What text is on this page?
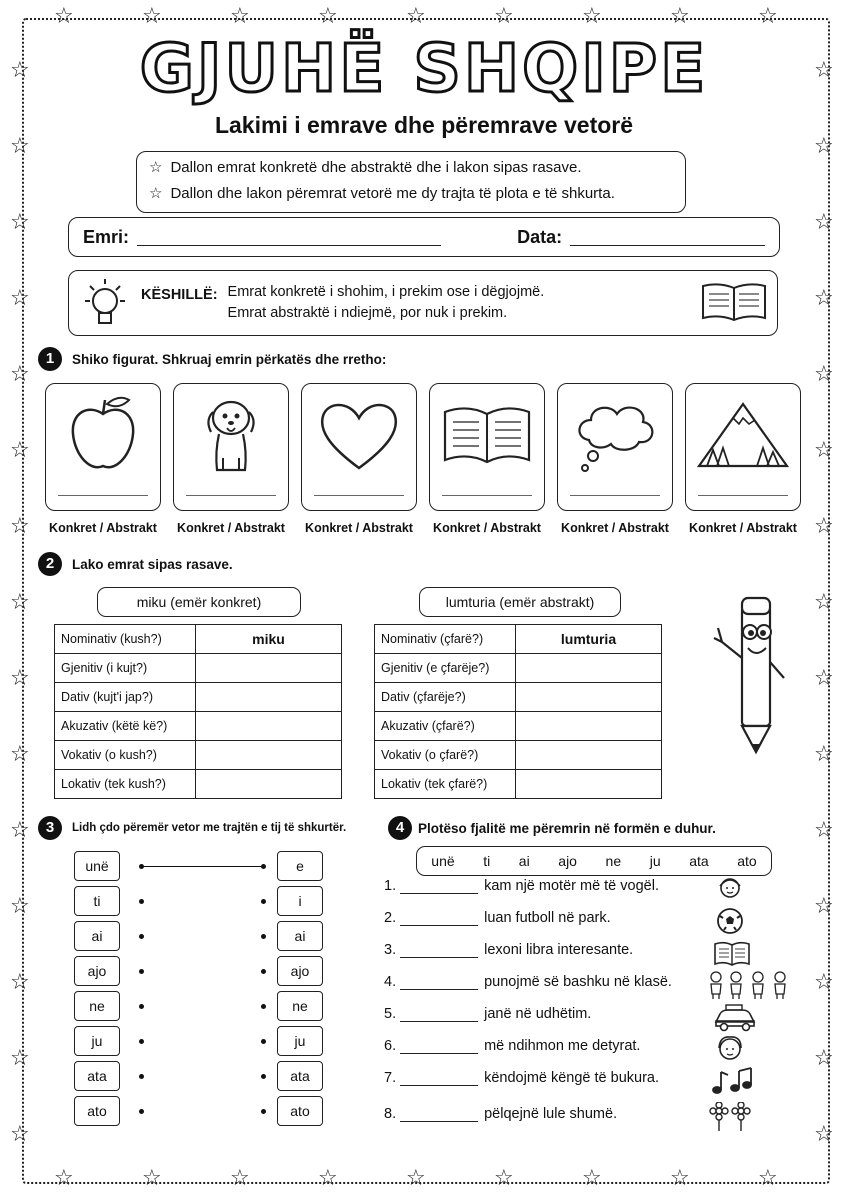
☆
☆
☆
☆
☆
☆
☆
☆
☆
☆
☆
☆
☆
☆
☆
☆
☆
☆
☆	☆
☆	☆
☆	☆
☆	☆
☆	☆
☆	☆
☆	☆
☆	☆
☆	☆
☆	☆
☆	☆
☆	☆
☆	☆
☆	☆
☆	☆
GJUHË SHQIPE
Lakimi i emrave dhe përemrave vetorë
☆ Dallon emrat konkretë dhe abstraktë dhe i lakon sipas rasave.
☆ Dallon dhe lakon përemrat vetorë me dy trajta të plota e të shkurta.
Emri:	Data:
KËSHILLË: Emrat konkretë i shohim, i prekim ose i dëgjojmë.
Emrat abstraktë i ndiejmë, por nuk i prekim.
1	Shiko figurat. Shkruaj emrin përkatës dhe rretho:
Konkret / Abstrakt	Konkret / Abstrakt	Konkret / Abstrakt	Konkret / Abstrakt	Konkret / Abstrakt	Konkret / Abstrakt
2	Lako emrat sipas rasave.
miku (emër konkret)	lumturia (emër abstrakt)
Nominativ (kush?)	miku
Gjenitiv (i kujt?)	
Dativ (kujt'i jap?)	
Akuzativ (këtë kë?)	
Vokativ (o kush?)	
Lokativ (tek kush?)	
Nominativ (çfarë?)	lumturia
Gjenitiv (e çfarëje?)	
Dativ (çfarëje?)	
Akuzativ (çfarë?)	
Vokativ (o çfarë?)	
Lokativ (tek çfarë?)	
3	Lidh çdo përemër vetor me trajtën e tij të shkurtër.
unë	e
ti	i
ai	ai
ajo	ajo
ne	ne
ju	ju
ata	ata
ato	ato
4	Plotëso fjalitë me përemrin në formën e duhur.
unë ti ai ajo ne ju ata ato
1.	kam një motër më të vogël.
2.	luan futboll në park.
3.	lexoni libra interesante.
4.	punojmë së bashku në klasë.
5.	janë në udhëtim.
6.	më ndihmon me detyrat.
7.	këndojmë këngë të bukura.
8.	pëlqejnë lule shumë.
